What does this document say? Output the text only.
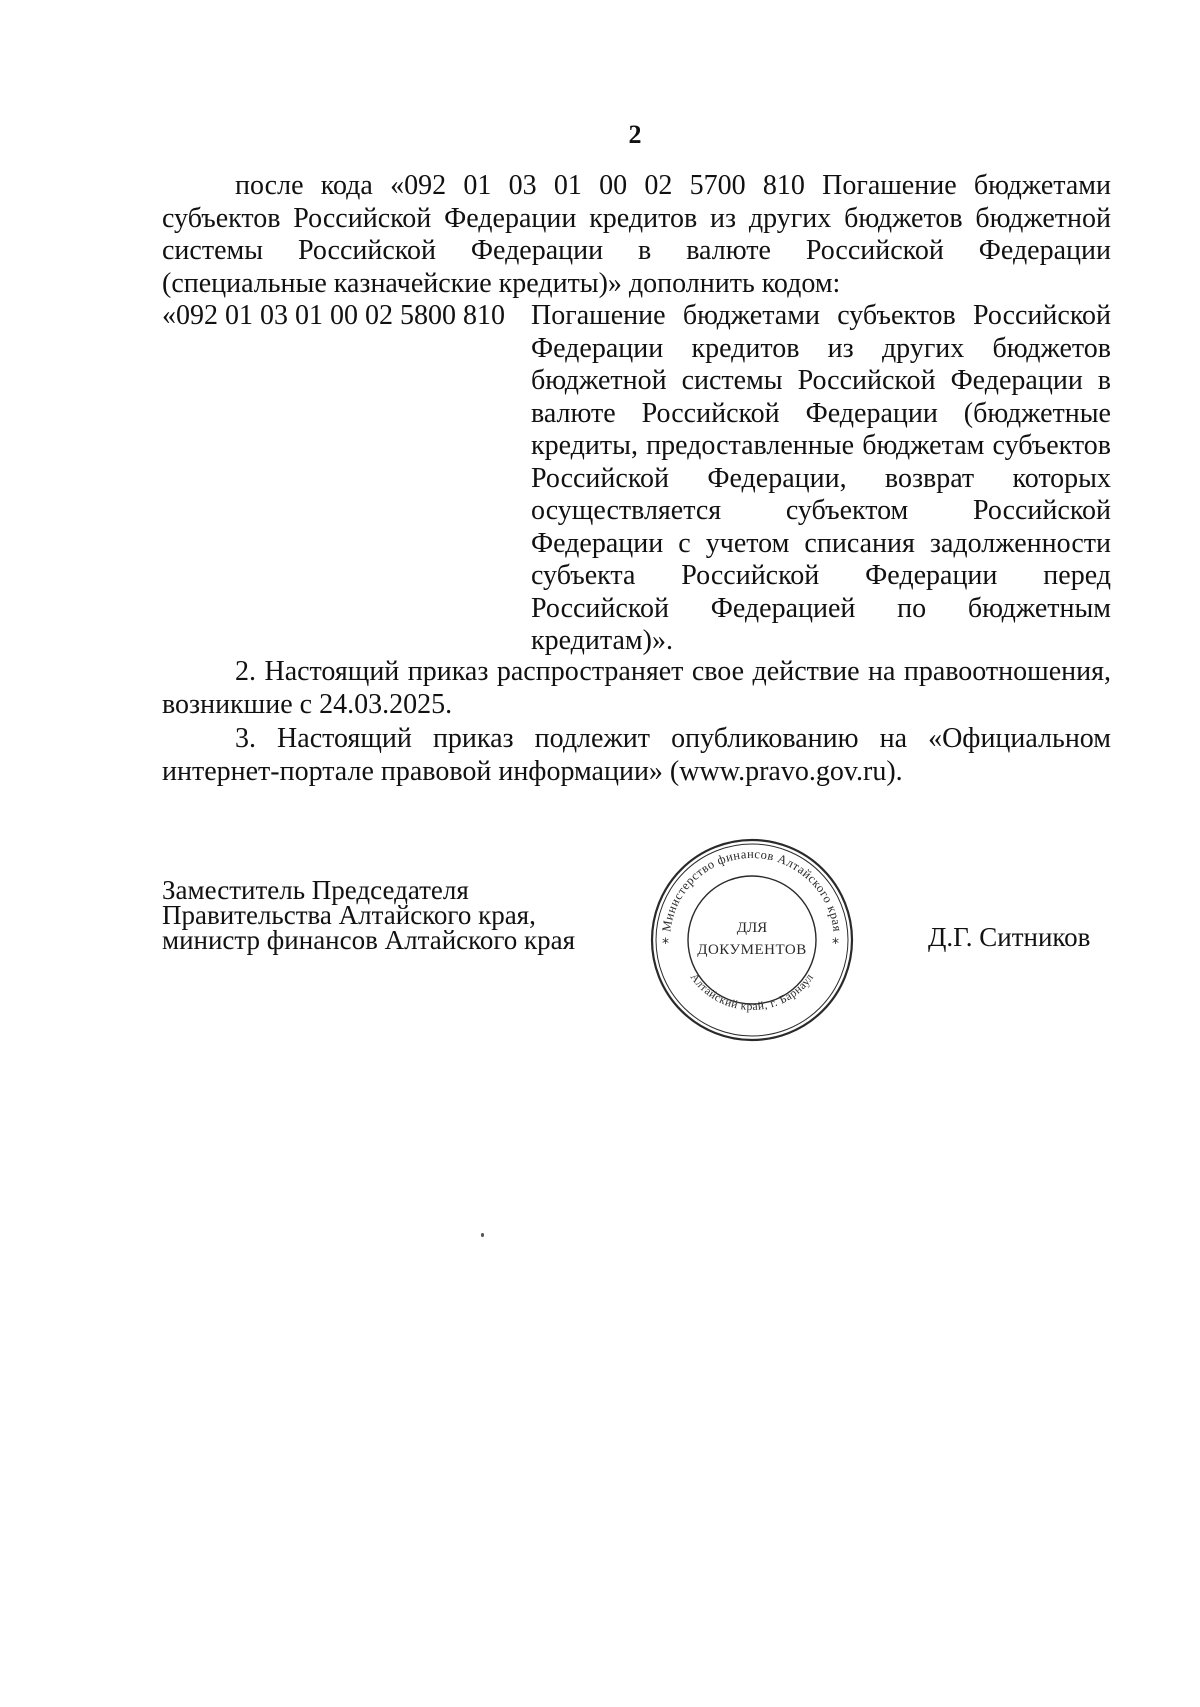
2
после кода «092 01 03 01 00 02 5700 810 Погашение бюджетами субъектов Российской Федерации кредитов из других бюджетов бюджетной системы Российской Федерации в валюте Российской Федерации (специальные казначейские кредиты)» дополнить кодом:
«092 01 03 01 00 02 5800 810 Погашение бюджетами субъектов Российской Федерации кредитов из других бюджетов бюджетной системы Российской Федерации в валюте Российской Федерации (бюджетные кредиты, предоставленные бюджетам субъектов Российской Федерации, возврат которых осуществляется субъектом Российской Федерации с учетом списания задолженности субъекта Российской Федерации перед Российской Федерацией по бюджетным кредитам)».
2. Настоящий приказ распространяет свое действие на правоотношения, возникшие с 24.03.2025.
3. Настоящий приказ подлежит опубликованию на «Официальном интернет-портале правовой информации» (www.pravo.gov.ru).
Заместитель Председателя
Правительства Алтайского края,
министр финансов Алтайского края	Министерство финансов Алтайского края
Алтайский край, г. Барнаул
*	*
ДЛЯ
ДОКУМЕНТОВ	Д.Г. Ситников
